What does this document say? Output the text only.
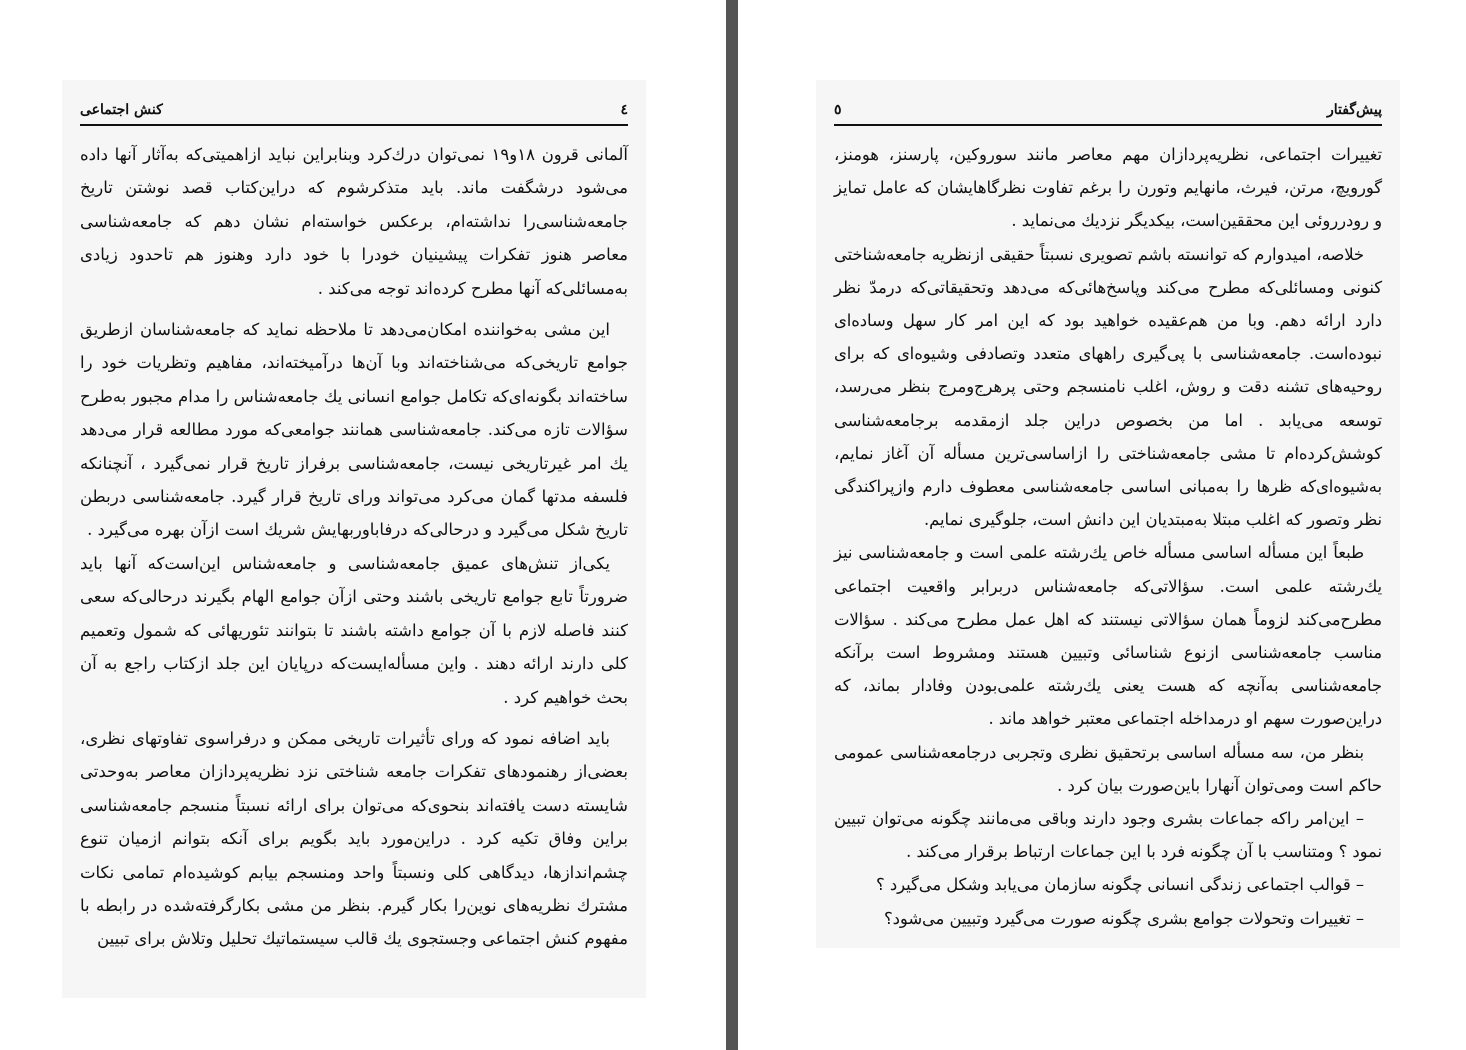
٤
کنش اجتماعی

آلمانی قرون ۱۸و۱۹ نمی‌توان درك‌كرد وبنابراین نباید ازاهمیتی‌كه به‌آثار آنها داده می‌شود درشگفت ماند. باید متذکرشوم که دراین‌کتاب قصد نوشتن تاریخ جامعه‌شناسی‌را نداشته‌ام، برعکس خواسته‌ام نشان دهم که جامعه‌شناسی معاصر هنوز تفکرات پیشینیان خودرا با خود دارد وهنوز هم تاحدود زیادی به‌مسائلی‌که آنها مطرح کرده‌اند توجه می‌کند .

این مشی به‌خواننده امکان‌می‌دهد تا ملاحظه نماید که جامعه‌شناسان ازطریق جوامع تاریخی‌که می‌شناخته‌اند وبا آن‌ها درآمیخته‌اند، مفاهیم وتظریات خود را ساخته‌اند بگونه‌ای‌که تکامل جوامع انسانی یك جامعه‌شناس را مدام مجبور به‌طرح سؤالات تازه می‌کند. جامعه‌شناسی همانند جوامعی‌که مورد مطالعه قرار می‌دهد یك امر غیرتاریخی نیست، جامعه‌شناسی برفراز تاریخ قرار نمی‌گیرد ، آنچنانکه فلسفه مدتها گمان می‌کرد می‌تواند ورای تاریخ قرار گیرد. جامعه‌شناسی دربطن تاریخ شکل می‌گیرد و درحالی‌که درفاباوربهایش شریك است ازآن بهره می‌گیرد .

یکی‌از تنش‌های عمیق جامعه‌شناسی و جامعه‌شناس این‌است‌که آنها باید ضرورتاً تابع جوامع تاریخی باشند وحتی ازآن جوامع الهام بگیرند درحالی‌که سعی کنند فاصله لازم با آن جوامع داشته باشند تا بتوانند تئوریهائی که شمول وتعمیم کلی دارند ارائه دهند . واین مسأله‌ایست‌که درپایان این جلد ازکتاب راجع به آن بحث خواهیم کرد .

باید اضافه نمود که ورای تأثیرات تاریخی ممکن و درفراسوی تفاوتهای نظری، بعضی‌از رهنمودهای تفکرات جامعه شناختی نزد نظریه‌پردازان معاصر به‌وحدتی شایسته دست یافته‌اند بنحوی‌که می‌توان برای ارائه نسبتاً منسجم جامعه‌شناسی براین وفاق تکیه کرد . دراین‌مورد باید بگویم برای آنکه بتوانم ازمیان تنوع چشم‌اندازها، دیدگاهی کلی ونسبتاً واحد ومنسجم بیابم کوشیده‌ام تمامی نکات مشترك نظریه‌های نوین‌را بکار گیرم. بنظر من مشی بکارگرفته‌شده در رابطه با مفهوم کنش اجتماعی وجستجوی یك قالب سیستماتیك تحلیل وتلاش برای تبیین

پیش‌گفتار
٥

تغییرات اجتماعی، نظریه‌پردازان مهم معاصر مانند سوروکین، پارسنز، هومنز، گورویچ، مرتن، فیرث، مانهایم وتورن را برغم تفاوت نظرگاهایشان که عامل تمایز و رودرروئی این محققین‌است، بیکدیگر نزدیك می‌نماید .

خلاصه، امیدوارم که توانسته باشم تصویری نسبتاً حقیقی ازنظریه جامعه‌شناختی کنونی ومسائلی‌که مطرح می‌کند وپاسخ‌هائی‌که می‌دهد وتحقیقاتی‌که درمدّ نظر دارد ارائه دهم. وبا من هم‌عقیده خواهید بود که این امر کار سهل وساده‌ای نبوده‌است. جامعه‌شناسی با پی‌گیری راههای متعدد وتصادفی وشیوه‌ای که برای روحیه‌های تشنه دقت و روش، اغلب نامنسجم وحتی پرهرج‌ومرج بنظر می‌رسد، توسعه می‌یابد . اما من بخصوص دراین جلد ازمقدمه برجامعه‌شناسی کوشش‌کرده‌ام تا مشی جامعه‌شناختی را ازاساسی‌ترین مسأله آن آغاز نمایم، به‌شیوه‌ای‌که ظرها را به‌مبانی اساسی جامعه‌شناسی معطوف دارم وازپراکندگی نظر وتصور که اغلب مبتلا به‌مبتدیان این دانش است، جلوگیری نمایم.

طبعاً این مسأله اساسی مسأله خاص یك‌رشته علمی است و جامعه‌شناسی نیز یك‌رشته علمی است. سؤالاتی‌که جامعه‌شناس دربرابر واقعیت اجتماعی مطرح‌می‌کند لزوماً همان سؤالاتی نیستند که اهل عمل مطرح می‌کند . سؤالات مناسب جامعه‌شناسی ازنوع شناسائی وتبیین هستند ومشروط است برآنکه جامعه‌شناسی به‌آنچه که هست یعنی یك‌رشته علمی‌بودن وفادار بماند، که دراین‌صورت سهم او درمداخله اجتماعی معتبر خواهد ماند .

بنظر من، سه مسأله اساسی برتحقیق نظری وتجربی درجامعه‌شناسی عمومی حاکم است ومی‌توان آنهارا باین‌صورت بیان کرد .

– این‌امر راکه جماعات بشری وجود دارند وباقی می‌مانند چگونه می‌توان تبیین نمود ؟ ومتناسب با آن چگونه فرد با این جماعات ارتباط برقرار می‌کند .

– قوالب اجتماعی زندگی انسانی چگونه سازمان می‌یابد وشکل می‌گیرد ؟

– تغییرات وتحولات جوامع بشری چگونه صورت می‌گیرد وتبیین می‌شود؟
